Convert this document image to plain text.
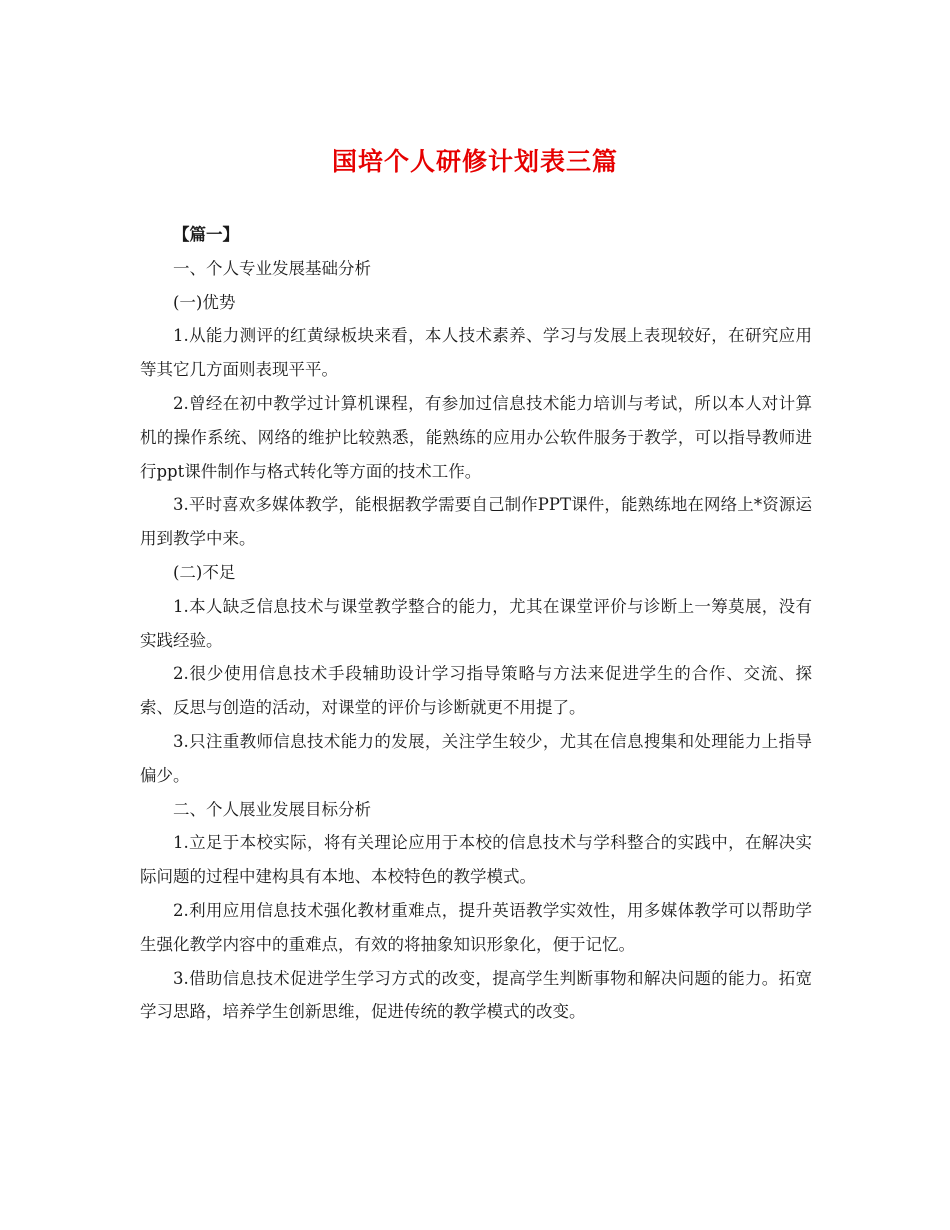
国培个人研修计划表三篇

【篇一】

一、个人专业发展基础分析

(一)优势

1.从能力测评的红黄绿板块来看，本人技术素养、学习与发展上表现较好，在研究应用等其它几方面则表现平平。

2.曾经在初中教学过计算机课程，有参加过信息技术能力培训与考试，所以本人对计算机的操作系统、网络的维护比较熟悉，能熟练的应用办公软件服务于教学，可以指导教师进行ppt课件制作与格式转化等方面的技术工作。

3.平时喜欢多媒体教学，能根据教学需要自己制作PPT课件，能熟练地在网络上*资源运用到教学中来。

(二)不足

1.本人缺乏信息技术与课堂教学整合的能力，尤其在课堂评价与诊断上一筹莫展，没有实践经验。

2.很少使用信息技术手段辅助设计学习指导策略与方法来促进学生的合作、交流、探索、反思与创造的活动，对课堂的评价与诊断就更不用提了。

3.只注重教师信息技术能力的发展，关注学生较少，尤其在信息搜集和处理能力上指导偏少。

二、个人展业发展目标分析

1.立足于本校实际，将有关理论应用于本校的信息技术与学科整合的实践中，在解决实际问题的过程中建构具有本地、本校特色的教学模式。

2.利用应用信息技术强化教材重难点，提升英语教学实效性，用多媒体教学可以帮助学生强化教学内容中的重难点，有效的将抽象知识形象化，便于记忆。

3.借助信息技术促进学生学习方式的改变，提高学生判断事物和解决问题的能力。拓宽学习思路，培养学生创新思维，促进传统的教学模式的改变。
